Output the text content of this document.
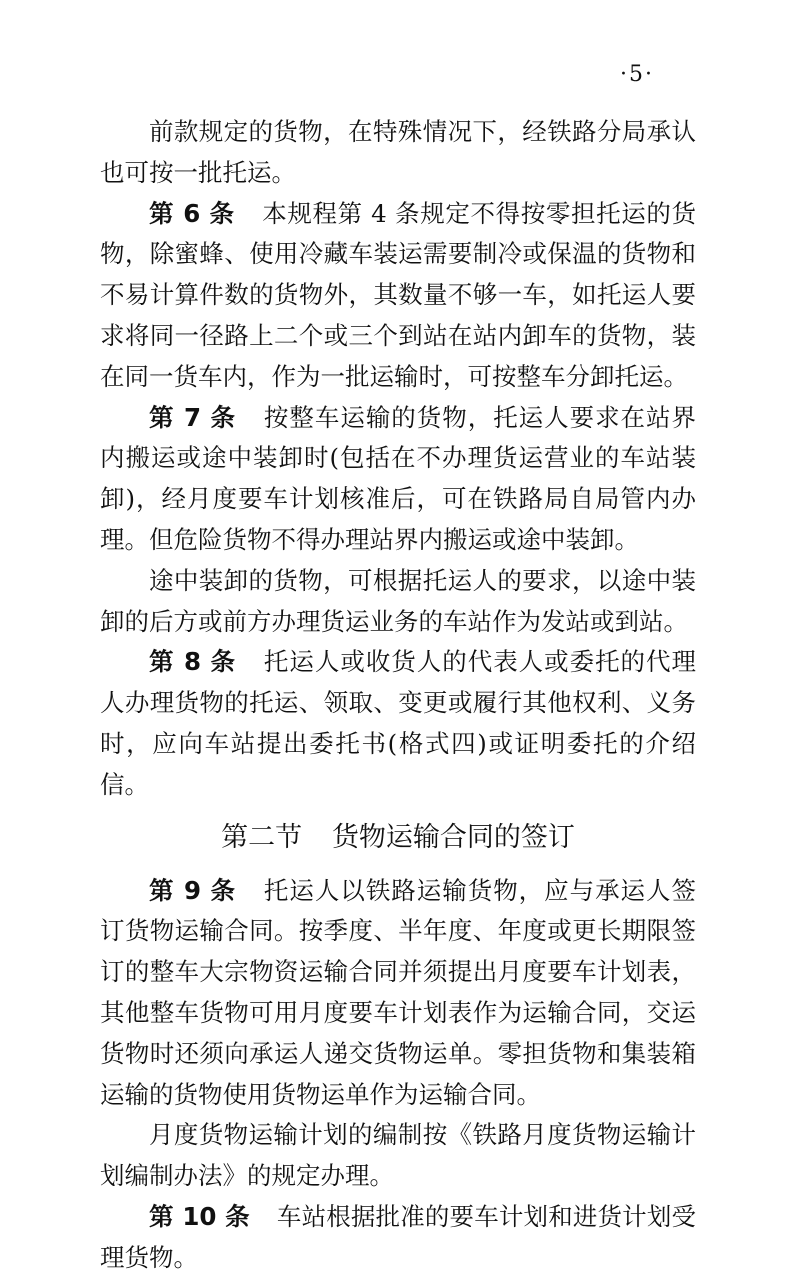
·5·

前款规定的货物，在特殊情况下，经铁路分局承认也可按一批托运。

第 6 条 本规程第 4 条规定不得按零担托运的货物，除蜜蜂、使用冷藏车装运需要制冷或保温的货物和不易计算件数的货物外，其数量不够一车，如托运人要求将同一径路上二个或三个到站在站内卸车的货物，装在同一货车内，作为一批运输时，可按整车分卸托运。

第 7 条 按整车运输的货物，托运人要求在站界内搬运或途中装卸时(包括在不办理货运营业的车站装卸)，经月度要车计划核准后，可在铁路局自局管内办理。但危险货物不得办理站界内搬运或途中装卸。

途中装卸的货物，可根据托运人的要求，以途中装卸的后方或前方办理货运业务的车站作为发站或到站。

第 8 条 托运人或收货人的代表人或委托的代理人办理货物的托运、领取、变更或履行其他权利、义务时，应向车站提出委托书(格式四)或证明委托的介绍信。

第二节 货物运输合同的签订

第 9 条 托运人以铁路运输货物，应与承运人签订货物运输合同。按季度、半年度、年度或更长期限签订的整车大宗物资运输合同并须提出月度要车计划表，其他整车货物可用月度要车计划表作为运输合同，交运货物时还须向承运人递交货物运单。零担货物和集装箱运输的货物使用货物运单作为运输合同。

月度货物运输计划的编制按《铁路月度货物运输计划编制办法》的规定办理。

第 10 条 车站根据批准的要车计划和进货计划受理货物。
